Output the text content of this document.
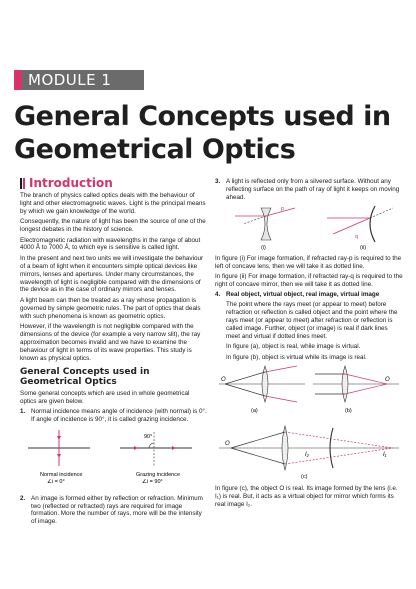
MODULE 1
General Concepts used in Geometrical Optics
Introduction

The branch of physics called optics deals with the behaviour of light and other electromagnetic waves. Light is the principal means by which we gain knowledge of the world.

Consequently, the nature of light has been the source of one of the longest debates in the history of science.

Electromagnetic radiation with wavelengths in the range of about 4000 Å to 7000 Å, to which eye is sensitive is called light.

In the present and next two units we will investigate the behaviour of a beam of light when it encounters simple optical devices like mirrors, lenses and apertures. Under many circumstances, the wavelength of light is negligible compared with the dimensions of the device as in the case of ordinary mirrors and lenses.

A light beam can then be treated as a ray whose propagation is governed by simple geometric rules. The part of optics that deals with such phenomena is known as geometric optics.

However, if the wavelength is not negligible compared with the dimensions of the device (for example a very narrow slit), the ray approximation becomes invalid and we have to examine the behaviour of light in terms of its wave properties. This study is known as physical optics.

General Concepts used in Geometrical Optics

Some general concepts which are used in whole geometrical optics are given below.

1. Normal incidence means angle of incidence (with normal) is 0°. If angle of incidence is 90°, it is called grazing incidence.
Normal incidence
∠i = 0°
90°
Grazing incidence
∠i = 90°
2. An image is formed either by reflection or refraction. Minimum two (reflected or refracted) rays are required for image formation. More the number of rays, more will be the intensity of image.
3. A light is reflected only from a silvered surface. Without any reflecting surface on the path of ray of light it keeps on moving ahead.
p
(i)
q
(ii)

In figure (i) For image formation, if refracted ray-p is required to the left of concave lens, then we will take it as dotted line.

In figure (ii) For image formation, if refracted ray-q is required to the right of concave mirror, then we will take it as dotted line.

4. Real object, virtual object, real image, virtual image

The point where the rays meet (or appear to meet) before refraction or reflection is called object and the point where the rays meet (or appear to meet) after refraction or reflection is called image. Further, object (or image) is real if dark lines meet and virtual if dotted lines meet.

In figure (a), object is real, while image is virtual.

In figure (b), object is virtual while its image is real.

O
(a)
O
(b)
O
I₂	I₁
(c)

In figure (c), the object O is real. Its image formed by the lens (i.e. I₁) is real. But, it acts as a virtual object for mirror which forms its real image I₂.
